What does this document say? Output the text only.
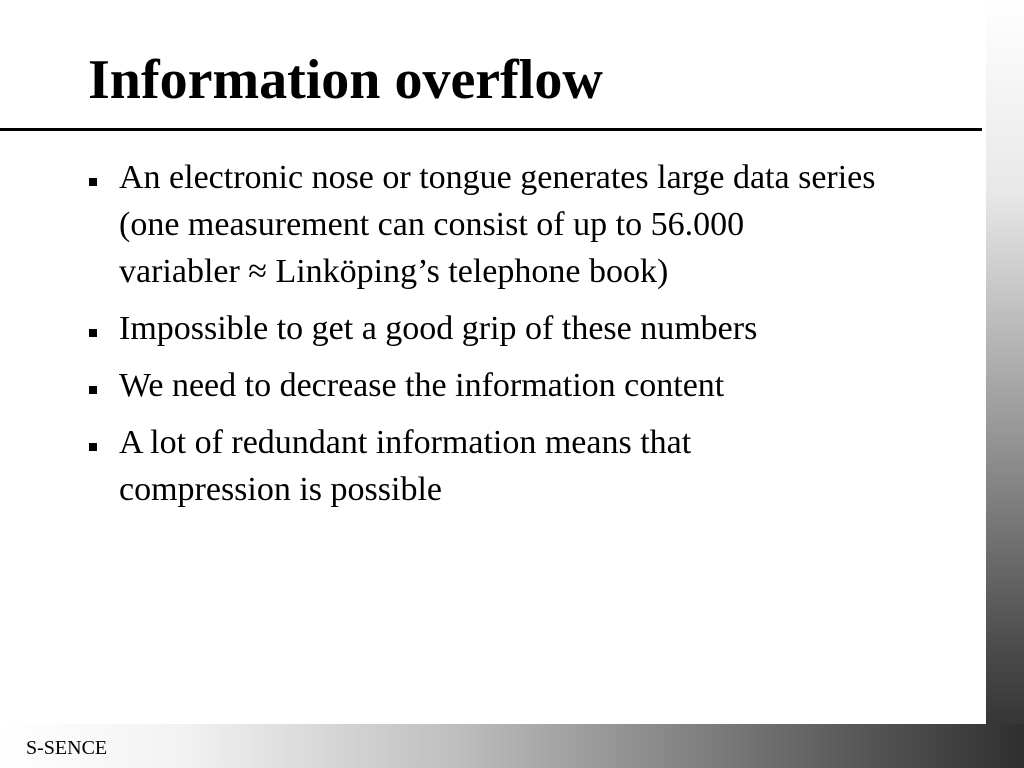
Information overflow
An electronic nose or tongue generates large data series
(one measurement can consist of up to 56.000
variabler ≈ Linköping’s telephone book)
Impossible to get a good grip of these numbers
We need to decrease the information content
A lot of redundant information means that compression is possible
S-SENCE
